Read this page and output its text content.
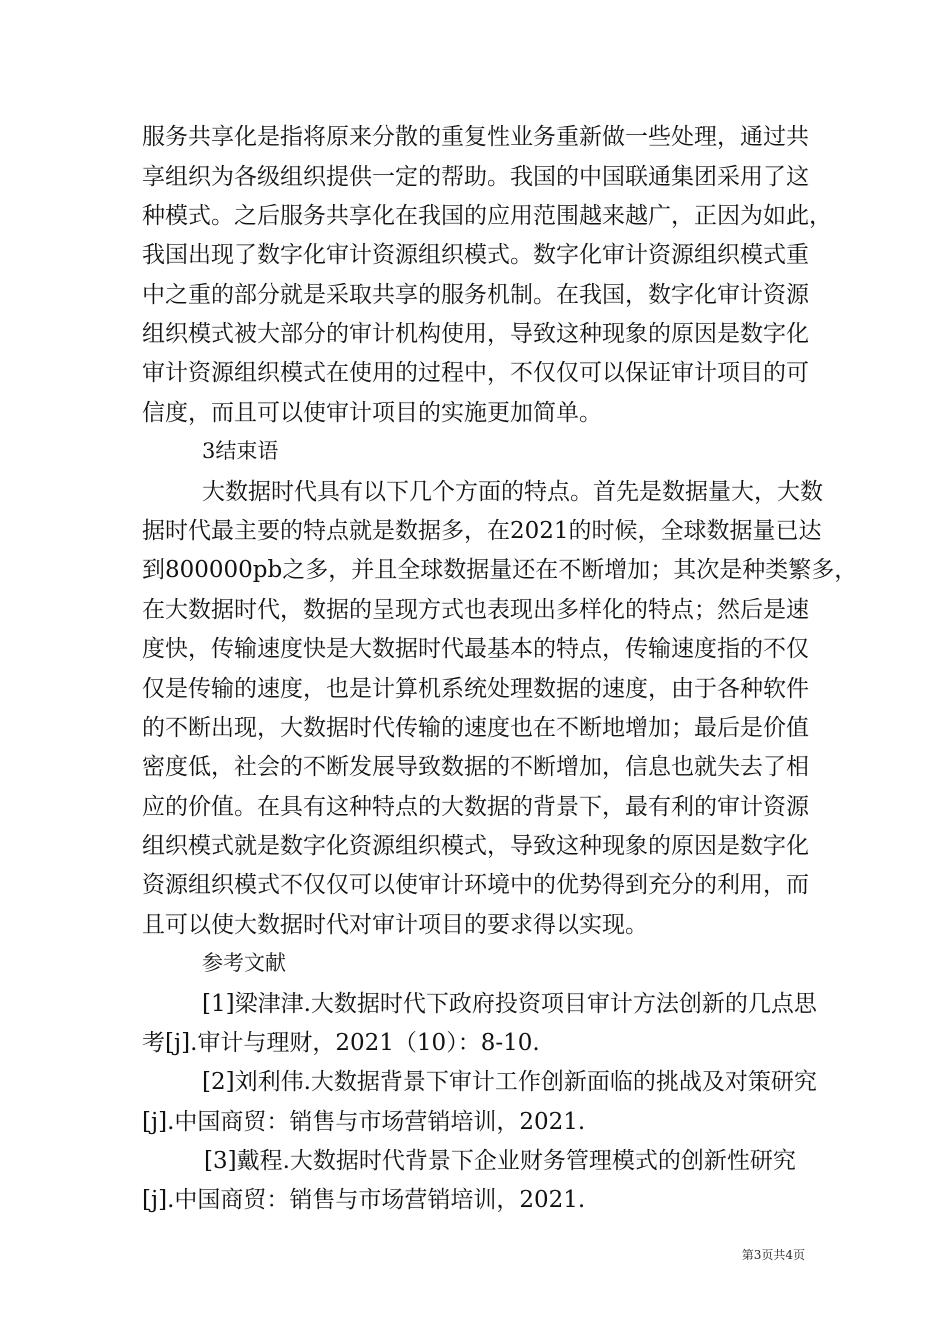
服务共享化是指将原来分散的重复性业务重新做一些处理，通过共
享组织为各级组织提供一定的帮助。我国的中国联通集团采用了这
种模式。之后服务共享化在我国的应用范围越来越广，正因为如此，
我国出现了数字化审计资源组织模式。数字化审计资源组织模式重
中之重的部分就是采取共享的服务机制。在我国，数字化审计资源
组织模式被大部分的审计机构使用，导致这种现象的原因是数字化
审计资源组织模式在使用的过程中，不仅仅可以保证审计项目的可
信度，而且可以使审计项目的实施更加简单。
3结束语
大数据时代具有以下几个方面的特点。首先是数据量大，大数
据时代最主要的特点就是数据多，在2021的时候，全球数据量已达
到800000pb之多，并且全球数据量还在不断增加；其次是种类繁多，
在大数据时代，数据的呈现方式也表现出多样化的特点；然后是速
度快，传输速度快是大数据时代最基本的特点，传输速度指的不仅
仅是传输的速度，也是计算机系统处理数据的速度，由于各种软件
的不断出现，大数据时代传输的速度也在不断地增加；最后是价值
密度低，社会的不断发展导致数据的不断增加，信息也就失去了相
应的价值。在具有这种特点的大数据的背景下，最有利的审计资源
组织模式就是数字化资源组织模式，导致这种现象的原因是数字化
资源组织模式不仅仅可以使审计环境中的优势得到充分的利用，而
且可以使大数据时代对审计项目的要求得以实现。
参考文献
[1]梁津津.大数据时代下政府投资项目审计方法创新的几点思
考[j].审计与理财，2021（10）：8-10.
[2]刘利伟.大数据背景下审计工作创新面临的挑战及对策研究
[j].中国商贸：销售与市场营销培训，2021.
[3]戴程.大数据时代背景下企业财务管理模式的创新性研究
[j].中国商贸：销售与市场营销培训，2021.
第3页共4页
